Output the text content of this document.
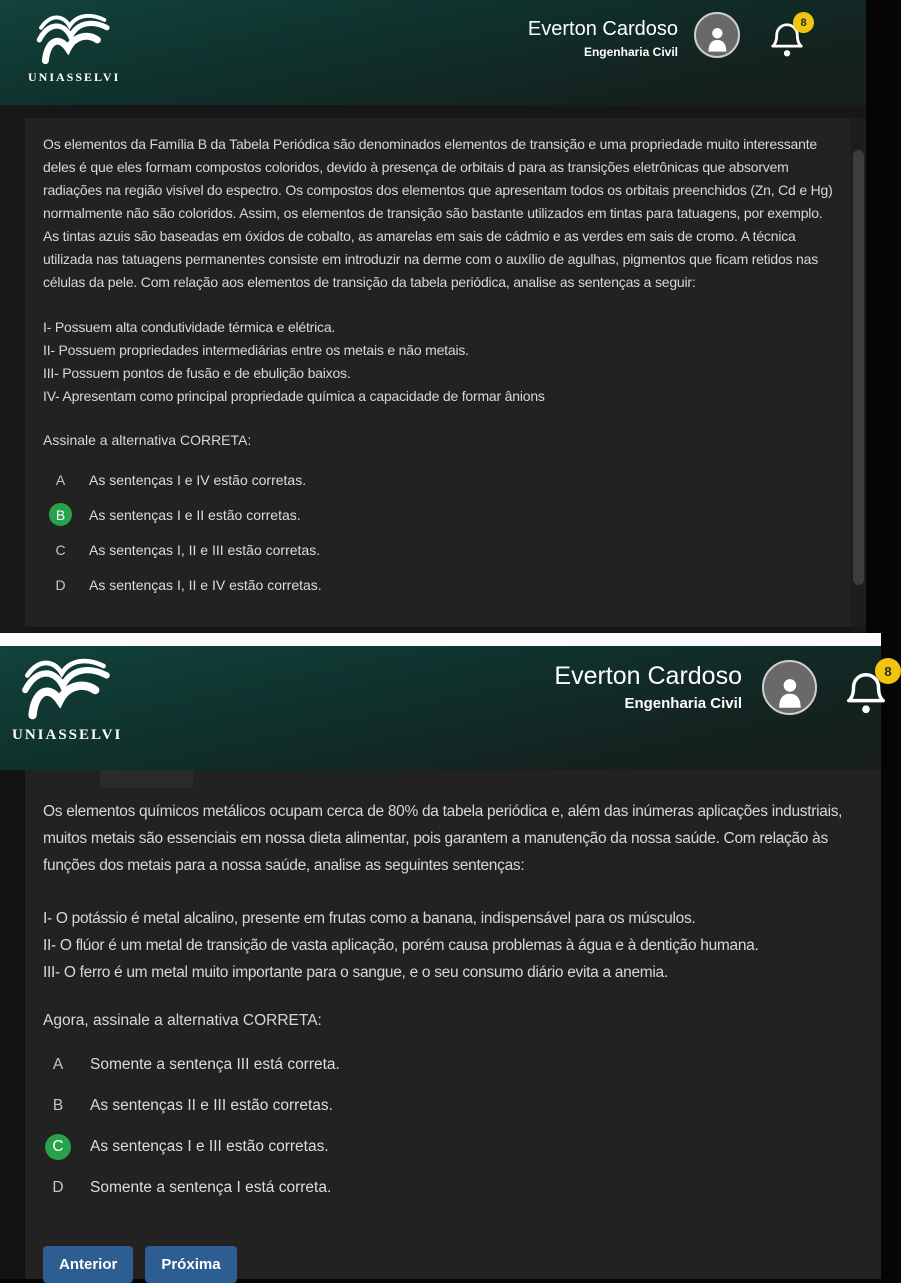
UNIASSELVI
Everton Cardoso
Engenharia Civil
8

Os elementos da Família B da Tabela Periódica são denominados elementos de transição e uma propriedade muito interessante deles é que eles formam compostos coloridos, devido à presença de orbitais d para as transições eletrônicas que absorvem radiações na região visível do espectro. Os compostos dos elementos que apresentam todos os orbitais preenchidos (Zn, Cd e Hg) normalmente não são coloridos. Assim, os elementos de transição são bastante utilizados em tintas para tatuagens, por exemplo. As tintas azuis são baseadas em óxidos de cobalto, as amarelas em sais de cádmio e as verdes em sais de cromo. A técnica utilizada nas tatuagens permanentes consiste em introduzir na derme com o auxílio de agulhas, pigmentos que ficam retidos nas células da pele. Com relação aos elementos de transição da tabela periódica, analise as sentenças a seguir:

I- Possuem alta condutividade térmica e elétrica.

II- Possuem propriedades intermediárias entre os metais e não metais.

III- Possuem pontos de fusão e de ebulição baixos.

IV- Apresentam como principal propriedade química a capacidade de formar ânions

Assinale a alternativa CORRETA:

A	As sentenças I e IV estão corretas.
B	As sentenças I e II estão corretas.
C	As sentenças I, II e III estão corretas.
D	As sentenças I, II e IV estão corretas.
UNIASSELVI
Everton Cardoso
Engenharia Civil
8

Os elementos químicos metálicos ocupam cerca de 80% da tabela periódica e, além das inúmeras aplicações industriais, muitos metais são essenciais em nossa dieta alimentar, pois garantem a manutenção da nossa saúde. Com relação às funções dos metais para a nossa saúde, analise as seguintes sentenças:

I- O potássio é metal alcalino, presente em frutas como a banana, indispensável para os músculos.

II- O flúor é um metal de transição de vasta aplicação, porém causa problemas à água e à dentição humana.

III- O ferro é um metal muito importante para o sangue, e o seu consumo diário evita a anemia.

Agora, assinale a alternativa CORRETA:

A	Somente a sentença III está correta.
B	As sentenças II e III estão corretas.
C	As sentenças I e III estão corretas.
D	Somente a sentença I está correta.
Anterior	Próxima
